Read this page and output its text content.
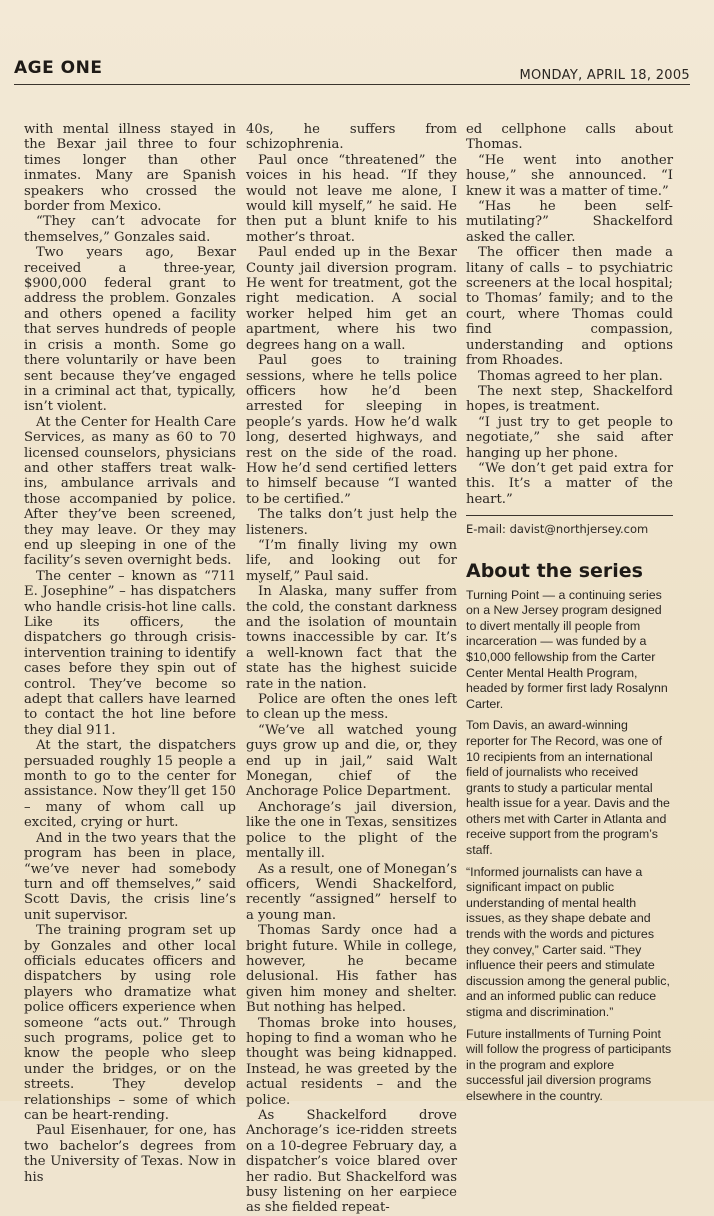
AGE ONE	MONDAY, APRIL 18, 2005

with mental illness stayed in the Bexar jail three to four times longer than other inmates. Many are Spanish speakers who crossed the border from Mexico.

“They can’t advocate for themselves,” Gonzales said.

Two years ago, Bexar received a three-year, $900,000 federal grant to address the problem. Gonzales and others opened a facility that serves hundreds of people in crisis a month. Some go there voluntarily or have been sent because they’ve engaged in a criminal act that, typically, isn’t violent.

At the Center for Health Care Services, as many as 60 to 70 licensed counselors, physicians and other staffers treat walk-ins, ambulance arrivals and those accompanied by police. After they’ve been screened, they may leave. Or they may end up sleeping in one of the facility’s seven overnight beds.

The center – known as “711 E. Josephine” – has dispatchers who handle crisis-hot line calls. Like its officers, the dispatchers go through crisis-intervention training to identify cases before they spin out of control. They’ve become so adept that callers have learned to contact the hot line before they dial 911.

At the start, the dispatchers persuaded roughly 15 people a month to go to the center for assistance. Now they’ll get 150 – many of whom call up excited, crying or hurt.

And in the two years that the program has been in place, “we’ve never had somebody turn and off themselves,” said Scott Davis, the crisis line’s unit supervisor.

The training program set up by Gonzales and other local officials educates officers and dispatchers by using role players who dramatize what police officers experience when someone “acts out.” Through such programs, police get to know the people who sleep under the bridges, or on the streets. They develop relationships – some of which can be heart-rending.

Paul Eisenhauer, for one, has two bachelor’s degrees from the University of Texas. Now in his

40s, he suffers from schizophrenia.

Paul once “threatened” the voices in his head. “If they would not leave me alone, I would kill myself,” he said. He then put a blunt knife to his mother’s throat.

Paul ended up in the Bexar County jail diversion program. He went for treatment, got the right medication. A social worker helped him get an apartment, where his two degrees hang on a wall.

Paul goes to training sessions, where he tells police officers how he’d been arrested for sleeping in people’s yards. How he’d walk long, deserted highways, and rest on the side of the road. How he’d send certified letters to himself because “I wanted to be certified.”

The talks don’t just help the listeners.

“I’m finally living my own life, and looking out for myself,” Paul said.

In Alaska, many suffer from the cold, the constant darkness and the isolation of mountain towns inaccessible by car. It’s a well-known fact that the state has the highest suicide rate in the nation.

Police are often the ones left to clean up the mess.

“We’ve all watched young guys grow up and die, or, they end up in jail,” said Walt Monegan, chief of the Anchorage Police Department.

Anchorage’s jail diversion, like the one in Texas, sensitizes police to the plight of the mentally ill.

As a result, one of Monegan’s officers, Wendi Shackelford, recently “assigned” herself to a young man.

Thomas Sardy once had a bright future. While in college, however, he became delusional. His father has given him money and shelter. But nothing has helped.

Thomas broke into houses, hoping to find a woman who he thought was being kidnapped. Instead, he was greeted by the actual residents – and the police.

As Shackelford drove Anchorage’s ice-ridden streets on a 10-degree February day, a dispatcher’s voice blared over her radio. But Shackelford was busy listening on her earpiece as she fielded repeat-

ed cellphone calls about Thomas.

“He went into another house,” she announced. “I knew it was a matter of time.”

“Has he been self-mutilating?” Shackelford asked the caller.

The officer then made a litany of calls – to psychiatric screeners at the local hospital; to Thomas’ family; and to the court, where Thomas could find compassion, understanding and options from Rhoades.

Thomas agreed to her plan.

The next step, Shackelford hopes, is treatment.

“I just try to get people to negotiate,” she said after hanging up her phone.

“We don’t get paid extra for this. It’s a matter of the heart.”

E-mail: davist@northjersey.com

About the series

Turning Point — a continuing series on a New Jersey program designed to divert mentally ill people from incarceration — was funded by a $10,000 fellowship from the Carter Center Mental Health Program, headed by former first lady Rosalynn Carter.

Tom Davis, an award-winning reporter for The Record, was one of 10 recipients from an international field of journalists who received grants to study a particular mental health issue for a year. Davis and the others met with Carter in Atlanta and receive support from the program’s staff.

“Informed journalists can have a significant impact on public understanding of mental health issues, as they shape debate and trends with the words and pictures they convey,” Carter said. “They influence their peers and stimulate discussion among the general public, and an informed public can reduce stigma and discrimination.”

Future installments of Turning Point will follow the progress of participants in the program and explore successful jail diversion programs elsewhere in the country.
